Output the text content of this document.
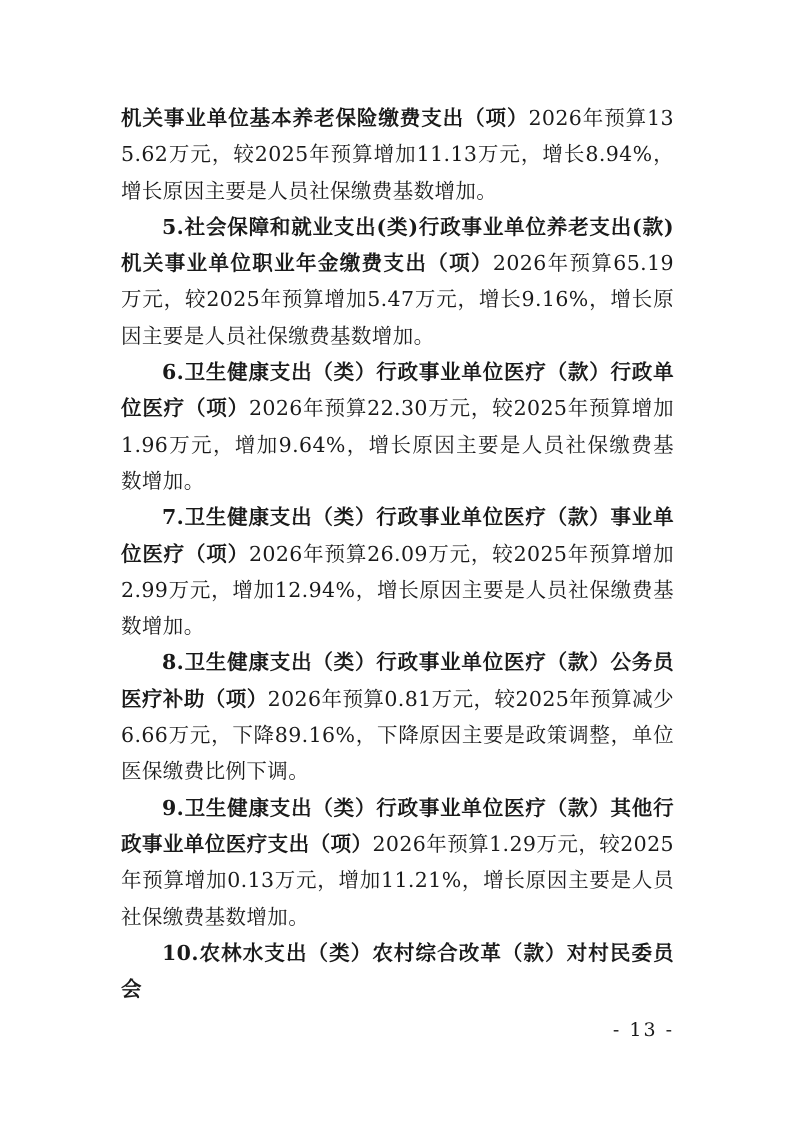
机关事业单位基本养老保险缴费支出（项）2026年预算135.62万元，较2025年预算增加11.13万元，增长8.94%，增长原因主要是人员社保缴费基数增加。

5.社会保障和就业支出(类)行政事业单位养老支出(款)机关事业单位职业年金缴费支出（项）2026年预算65.19万元，较2025年预算增加5.47万元，增长9.16%，增长原因主要是人员社保缴费基数增加。

6.卫生健康支出（类）行政事业单位医疗（款）行政单位医疗（项）2026年预算22.30万元，较2025年预算增加1.96万元，增加9.64%，增长原因主要是人员社保缴费基数增加。

7.卫生健康支出（类）行政事业单位医疗（款）事业单位医疗（项）2026年预算26.09万元，较2025年预算增加2.99万元，增加12.94%，增长原因主要是人员社保缴费基数增加。

8.卫生健康支出（类）行政事业单位医疗（款）公务员医疗补助（项）2026年预算0.81万元，较2025年预算减少6.66万元，下降89.16%，下降原因主要是政策调整，单位医保缴费比例下调。

9.卫生健康支出（类）行政事业单位医疗（款）其他行政事业单位医疗支出（项）2026年预算1.29万元，较2025年预算增加0.13万元，增加11.21%，增长原因主要是人员社保缴费基数增加。

10.农林水支出（类）农村综合改革（款）对村民委员会

- 13 -
